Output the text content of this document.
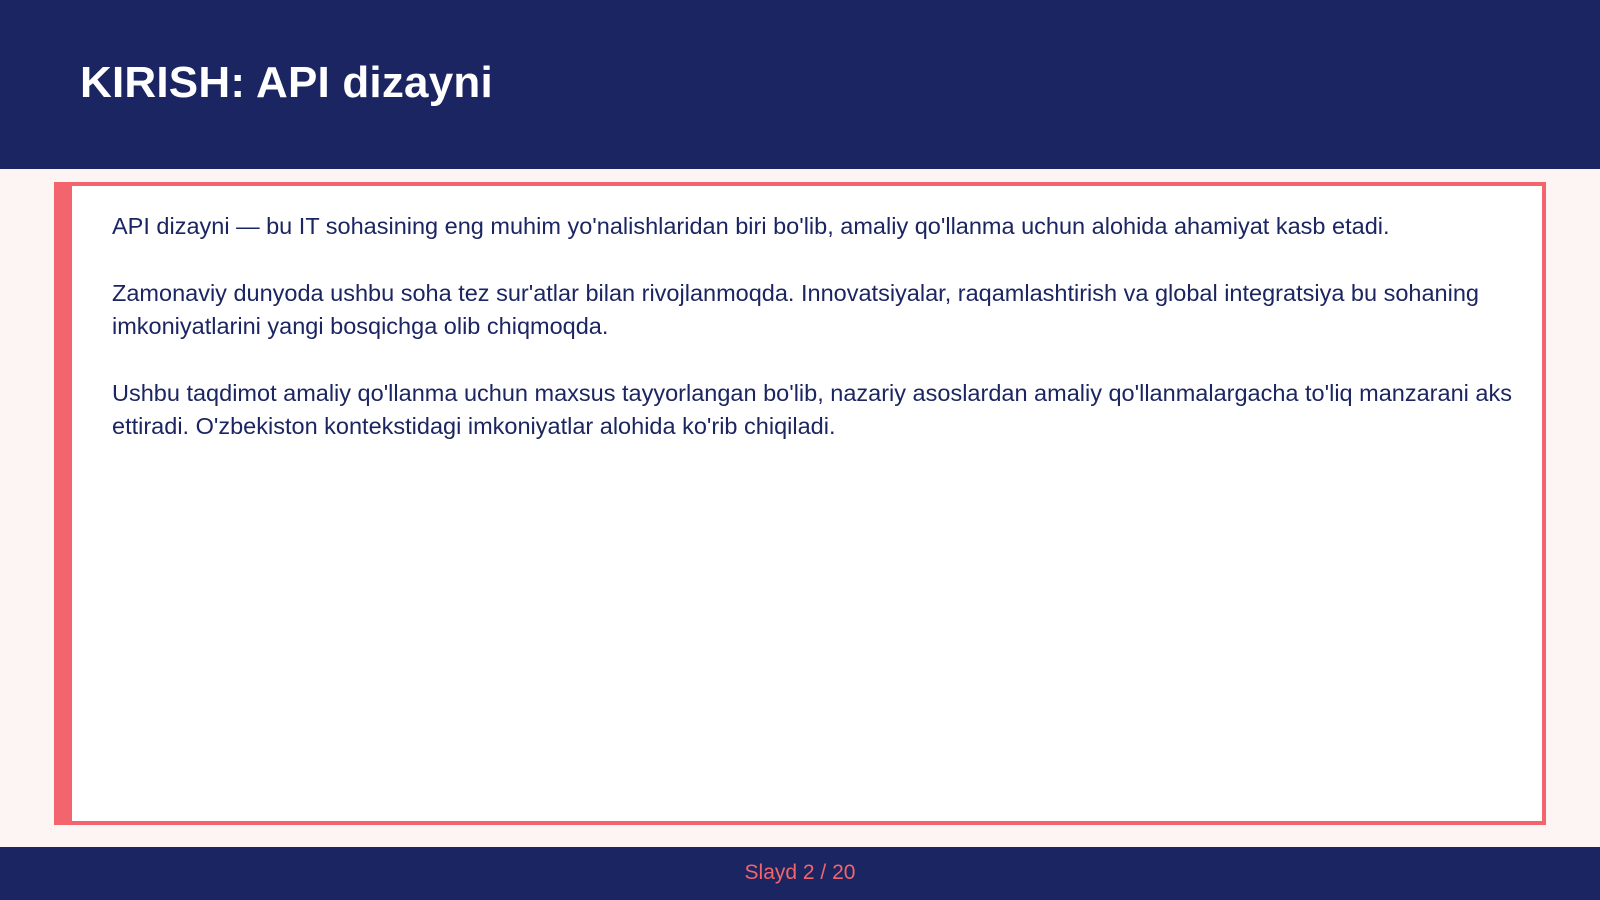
KIRISH: API dizayni

API dizayni — bu IT sohasining eng muhim yo'nalishlaridan biri bo'lib, amaliy qo'llanma uchun alohida ahamiyat kasb etadi.

Zamonaviy dunyoda ushbu soha tez sur'atlar bilan rivojlanmoqda. Innovatsiyalar, raqamlashtirish va global integratsiya bu sohaning imkoniyatlarini yangi bosqichga olib chiqmoqda.

Ushbu taqdimot amaliy qo'llanma uchun maxsus tayyorlangan bo'lib, nazariy asoslardan amaliy qo'llanmalargacha to'liq manzarani aks ettiradi. O'zbekiston kontekstidagi imkoniyatlar alohida ko'rib chiqiladi.

Slayd 2 / 20
